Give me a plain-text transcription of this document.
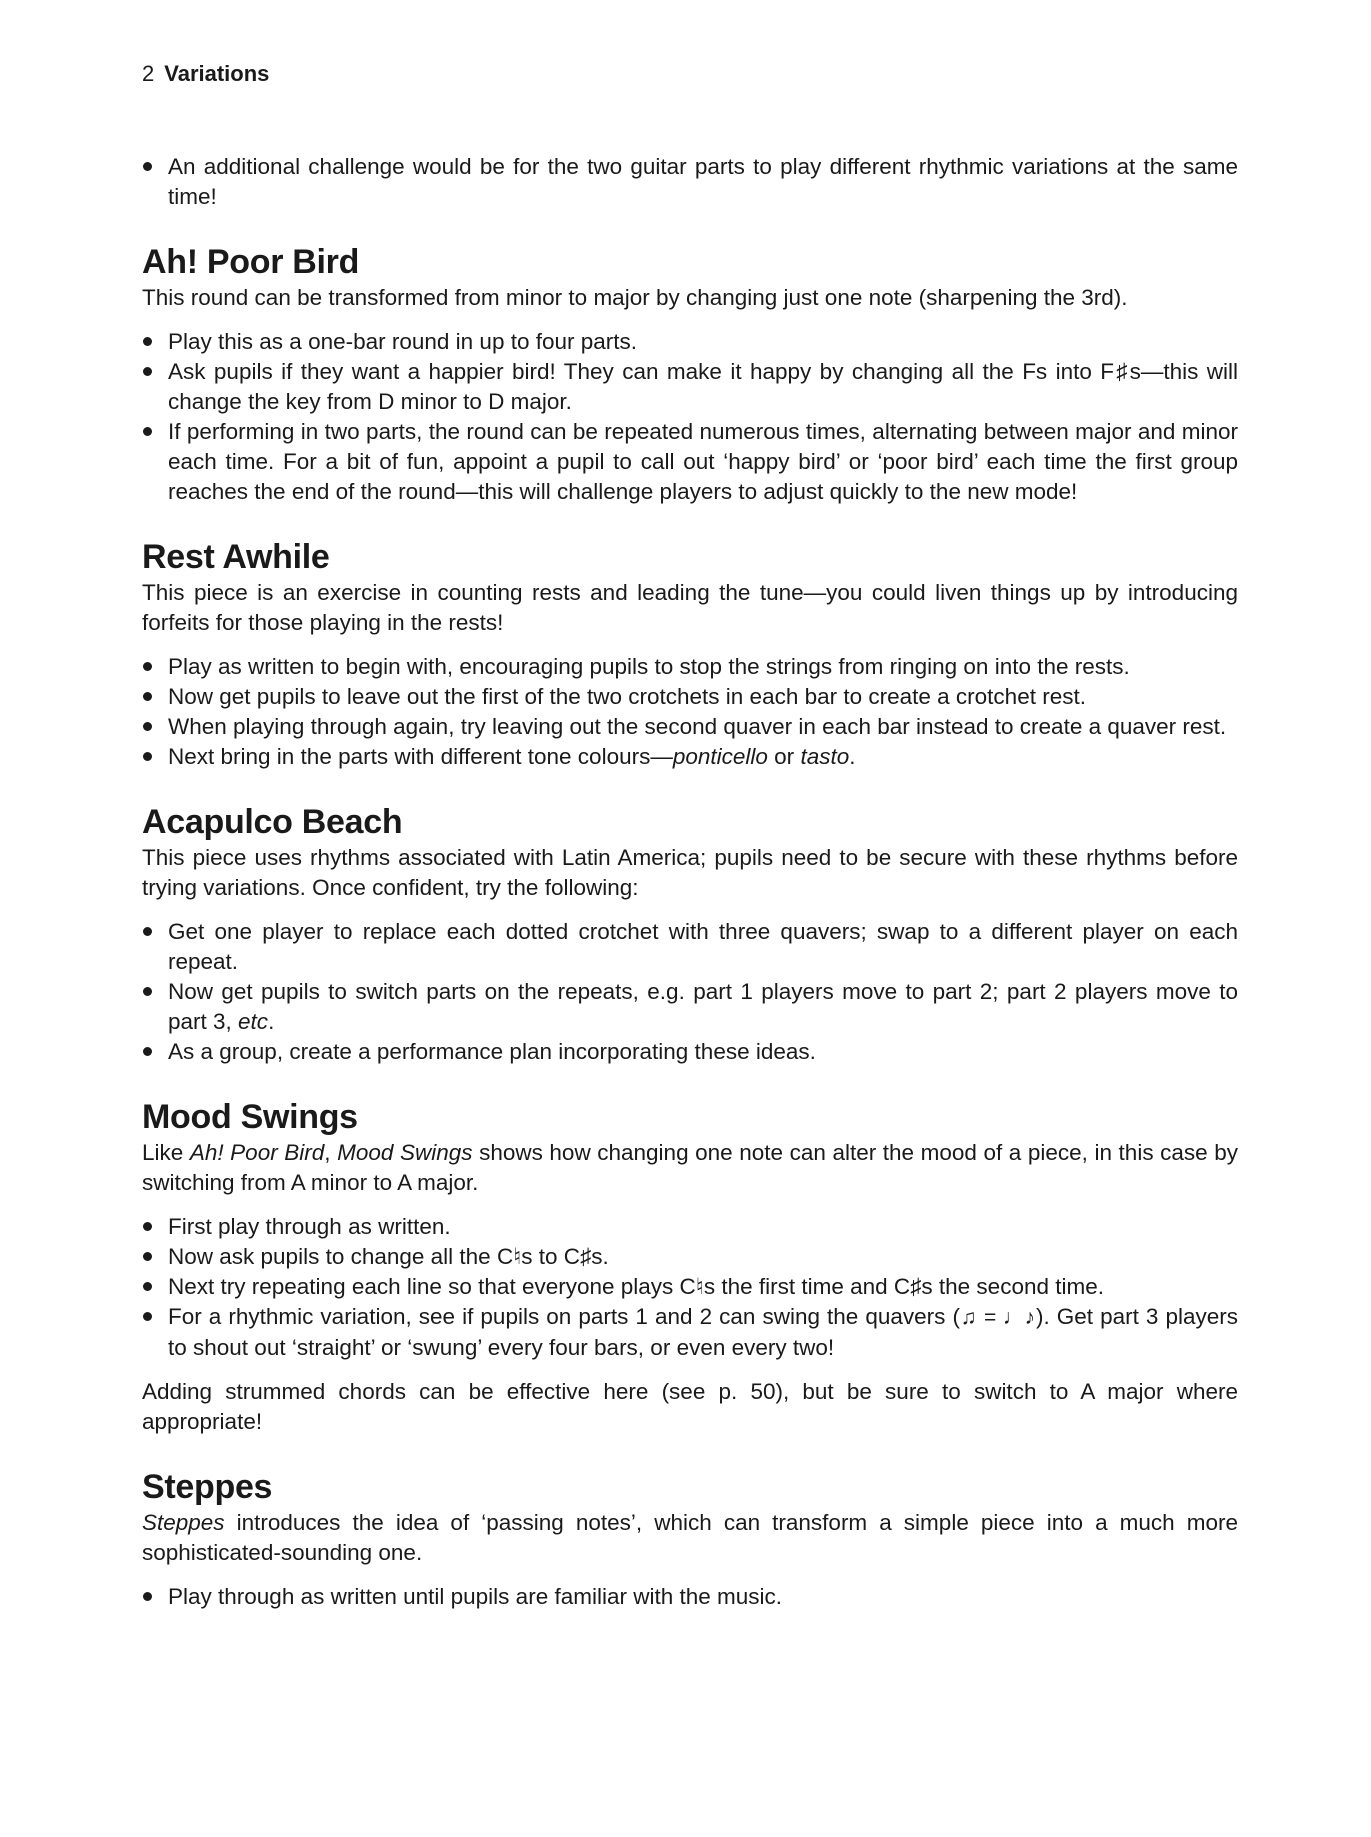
2 Variations
An additional challenge would be for the two guitar parts to play different rhythmic variations at the same time!
Ah! Poor Bird

This round can be transformed from minor to major by changing just one note (sharpening the 3rd).

Play this as a one-bar round in up to four parts.
Ask pupils if they want a happier bird! They can make it happy by changing all the Fs into F♯s—this will change the key from D minor to D major.
If performing in two parts, the round can be repeated numerous times, alternating between major and minor each time. For a bit of fun, appoint a pupil to call out ‘happy bird’ or ‘poor bird’ each time the first group reaches the end of the round—this will challenge players to adjust quickly to the new mode!
Rest Awhile

This piece is an exercise in counting rests and leading the tune—you could liven things up by introducing forfeits for those playing in the rests!

Play as written to begin with, encouraging pupils to stop the strings from ringing on into the rests.
Now get pupils to leave out the first of the two crotchets in each bar to create a crotchet rest.
When playing through again, try leaving out the second quaver in each bar instead to create a quaver rest.
Next bring in the parts with different tone colours—ponticello or tasto.
Acapulco Beach

This piece uses rhythms associated with Latin America; pupils need to be secure with these rhythms before trying variations. Once confident, try the following:

Get one player to replace each dotted crotchet with three quavers; swap to a different player on each repeat.
Now get pupils to switch parts on the repeats, e.g. part 1 players move to part 2; part 2 players move to part 3, etc.
As a group, create a performance plan incorporating these ideas.
Mood Swings

Like Ah! Poor Bird, Mood Swings shows how changing one note can alter the mood of a piece, in this case by switching from A minor to A major.

First play through as written.
Now ask pupils to change all the C♮s to C♯s.
Next try repeating each line so that everyone plays C♮s the first time and C♯s the second time.
For a rhythmic variation, see if pupils on parts 1 and 2 can swing the quavers (♫ = ♩♪). Get part 3 players to shout out ‘straight’ or ‘swung’ every four bars, or even every two!

Adding strummed chords can be effective here (see p. 50), but be sure to switch to A major where appropriate!

Steppes

Steppes introduces the idea of ‘passing notes’, which can transform a simple piece into a much more sophisticated-sounding one.

Play through as written until pupils are familiar with the music.
